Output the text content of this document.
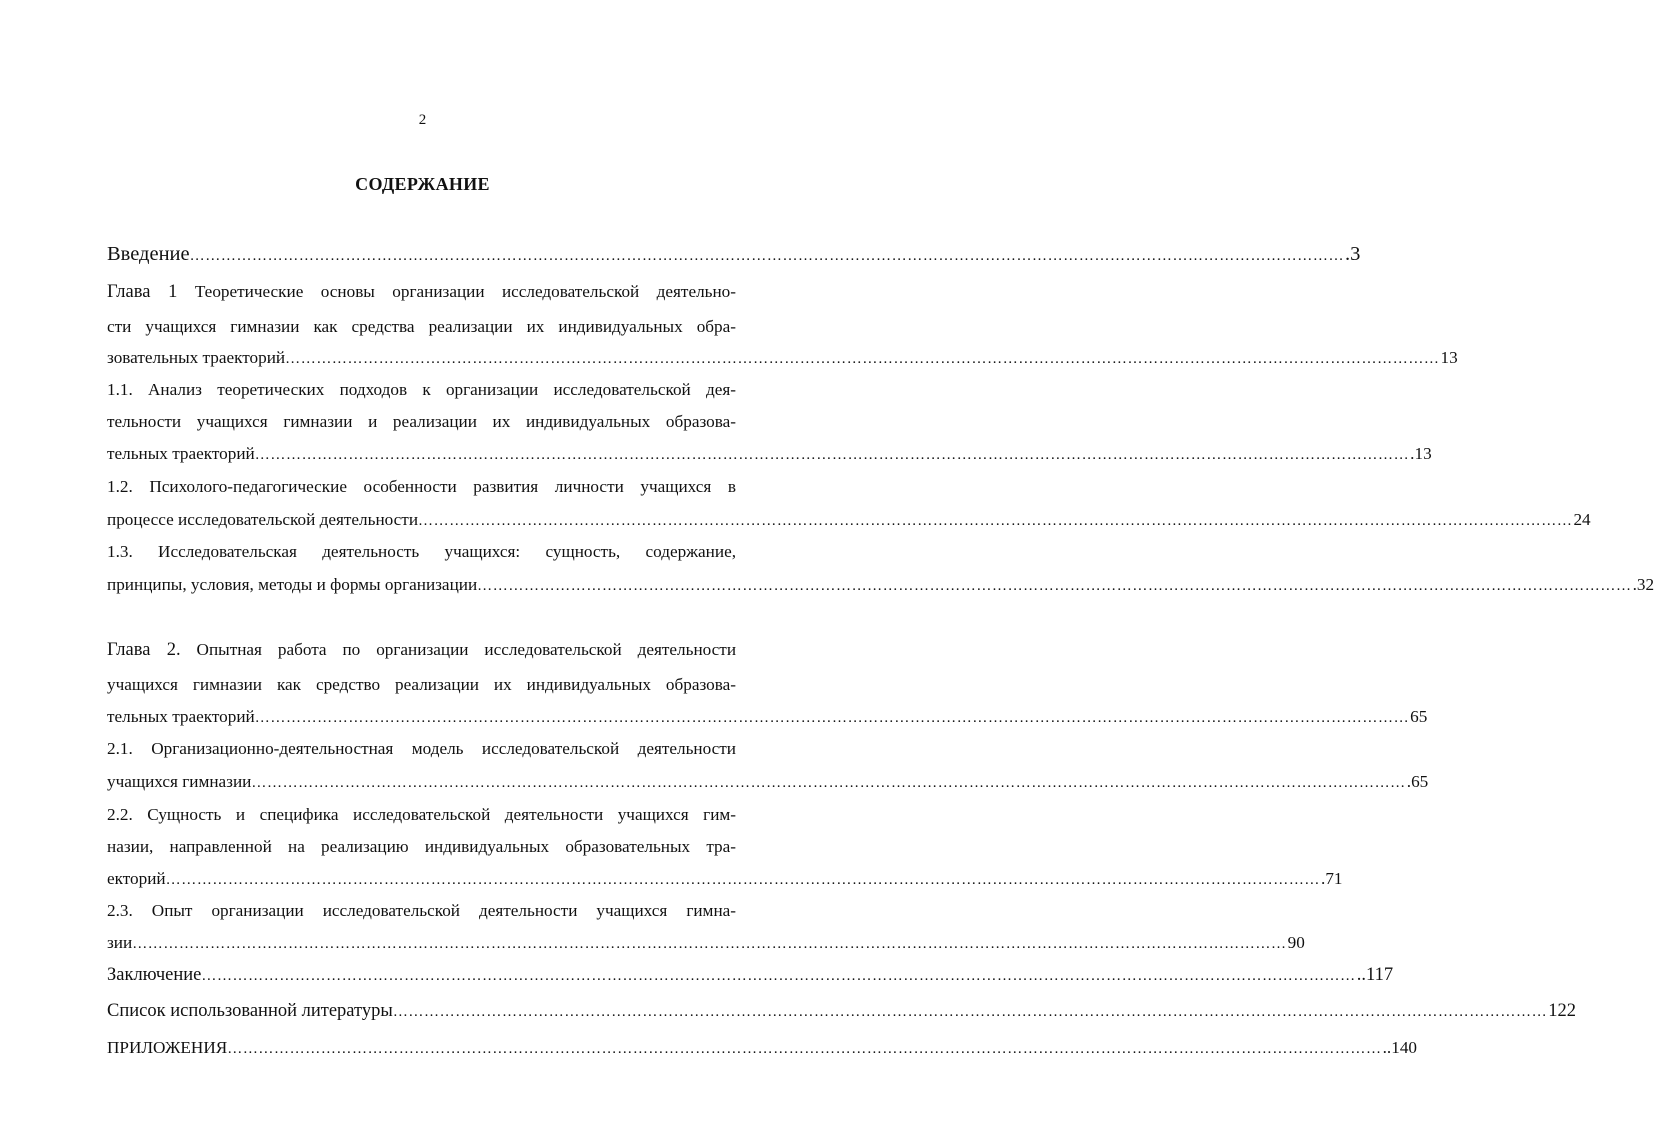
2
СОДЕРЖАНИЕ
Введение …………………………………………………………………………………………………………………………………………………………………………………………………… .3
Глава 1 Теоретические основы организации исследовательской деятельно-
сти учащихся гимназии как средства реализации их индивидуальных обра-
зовательных траекторий …………………………………………………………………………………………………………………………………………………………………………………………………… 13
1.1. Анализ теоретических подходов к организации исследовательской дея-
тельности учащихся гимназии и реализации их индивидуальных образова-
тельных траекторий …………………………………………………………………………………………………………………………………………………………………………………………………… .13
1.2. Психолого-педагогические особенности развития личности учащихся в
процессе исследовательской деятельности …………………………………………………………………………………………………………………………………………………………………………………………………… 24
1.3. Исследовательская деятельность учащихся: сущность, содержание,
принципы, условия, методы и формы организации …………………………………………………………………………………………………………………………………………………………………………………………………… .32
Глава 2. Опытная работа по организации исследовательской деятельности
учащихся гимназии как средство реализации их индивидуальных образова-
тельных траекторий …………………………………………………………………………………………………………………………………………………………………………………………………… 65
2.1. Организационно-деятельностная модель исследовательской деятельности
учащихся гимназии …………………………………………………………………………………………………………………………………………………………………………………………………… .65
2.2. Сущность и специфика исследовательской деятельности учащихся гим-
назии, направленной на реализацию индивидуальных образовательных тра-
екторий …………………………………………………………………………………………………………………………………………………………………………………………………… .71
2.3. Опыт организации исследовательской деятельности учащихся гимна-
зии …………………………………………………………………………………………………………………………………………………………………………………………………… 90
Заключение …………………………………………………………………………………………………………………………………………………………………………………………………… ..117
Список использованной литературы …………………………………………………………………………………………………………………………………………………………………………………………………… 122
ПРИЛОЖЕНИЯ …………………………………………………………………………………………………………………………………………………………………………………………………… ..140
